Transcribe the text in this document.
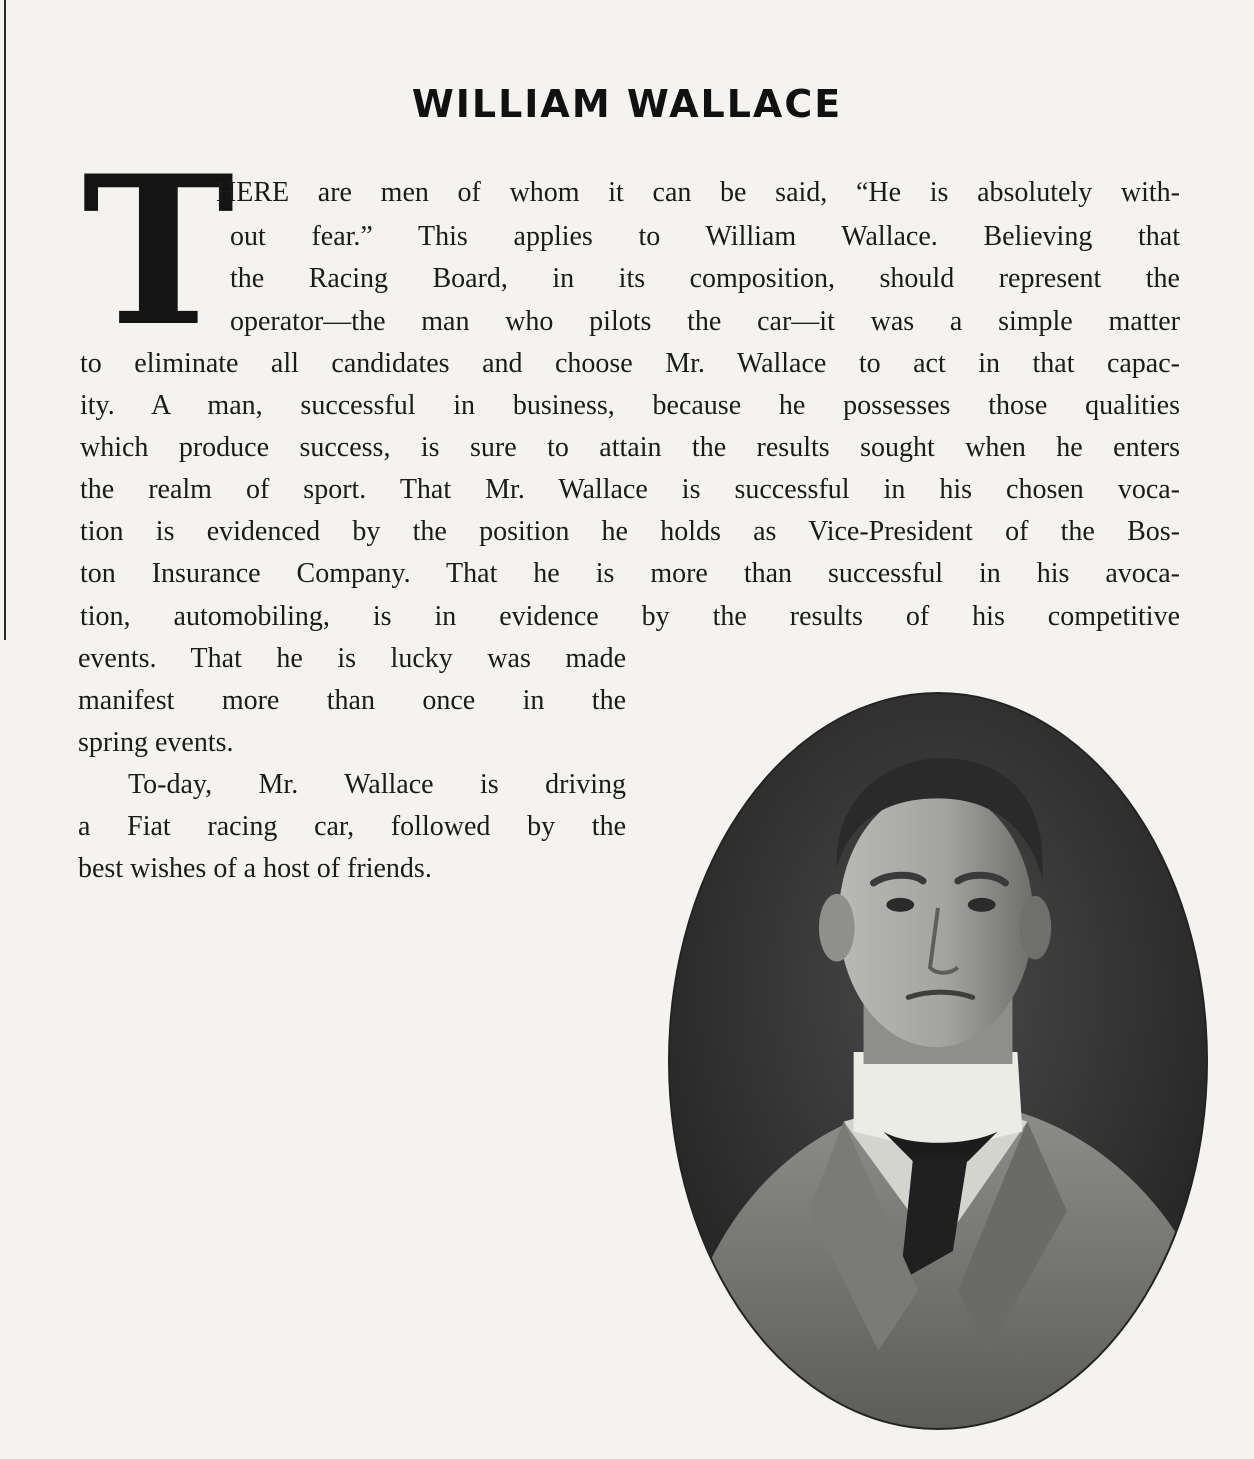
WILLIAM WALLACE
T
HERE are men of whom it can be said, “He is absolutely with-
out fear.” This applies to William Wallace. Believing that
the Racing Board, in its composition, should represent the
operator—the man who pilots the car—it was a simple matter
to eliminate all candidates and choose Mr. Wallace to act in that capac-
ity. A man, successful in business, because he possesses those qualities
which produce success, is sure to attain the results sought when he enters
the realm of sport. That Mr. Wallace is successful in his chosen voca-
tion is evidenced by the position he holds as Vice-President of the Bos-
ton Insurance Company. That he is more than successful in his avoca-
tion, automobiling, is in evidence by the results of his competitive
events. That he is lucky was made
manifest more than once in the
spring events.
To-day, Mr. Wallace is driving
a Fiat racing car, followed by the
best wishes of a host of friends.
